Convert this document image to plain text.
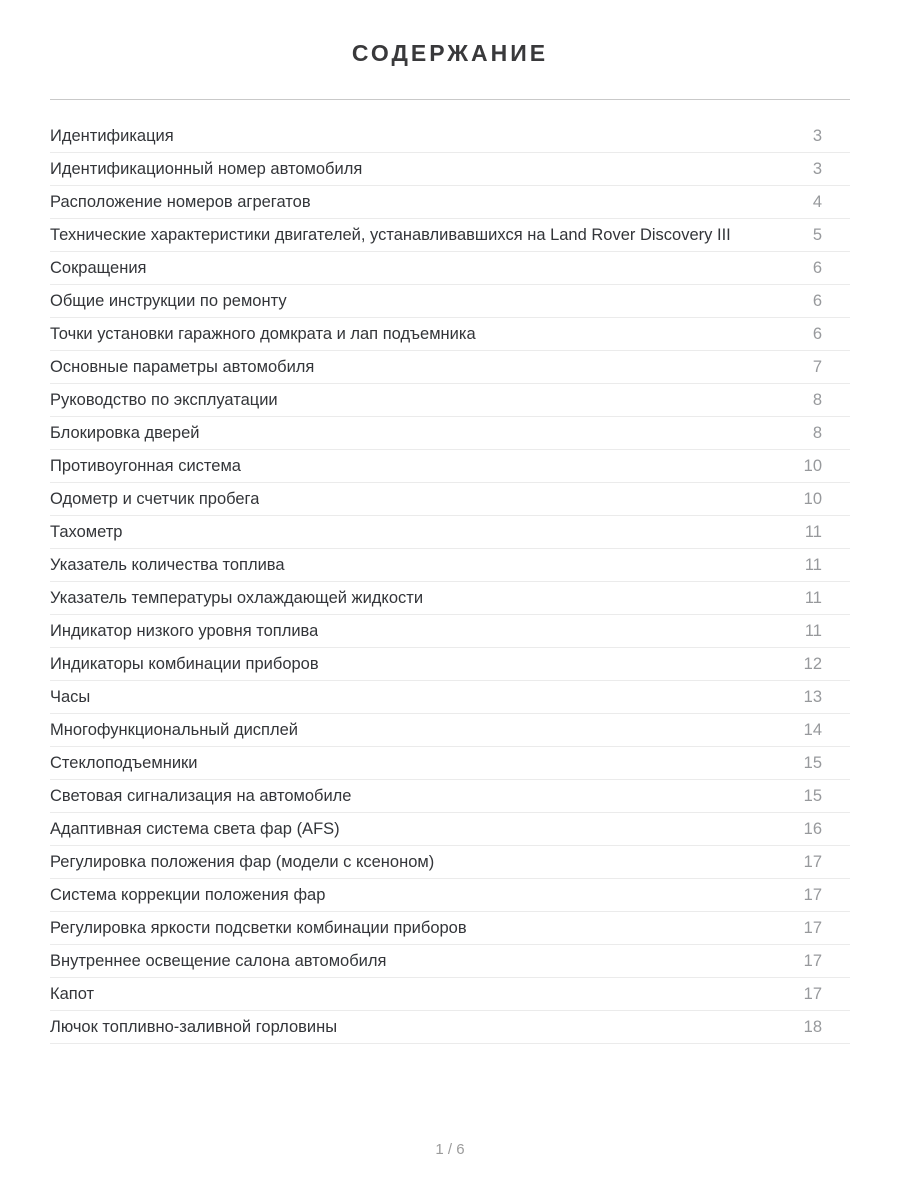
СОДЕРЖАНИЕ
Идентификация	3
Идентификационный номер автомобиля	3
Расположение номеров агрегатов	4
Технические характеристики двигателей, устанавливавшихся на Land Rover Discovery III	5
Сокращения	6
Общие инструкции по ремонту	6
Точки установки гаражного домкрата и лап подъемника	6
Основные параметры автомобиля	7
Руководство по эксплуатации	8
Блокировка дверей	8
Противоугонная система	10
Одометр и счетчик пробега	10
Тахометр	11
Указатель количества топлива	11
Указатель температуры охлаждающей жидкости	11
Индикатор низкого уровня топлива	11
Индикаторы комбинации приборов	12
Часы	13
Многофункциональный дисплей	14
Стеклоподъемники	15
Световая сигнализация на автомобиле	15
Адаптивная система света фар (AFS)	16
Регулировка положения фар (модели с ксеноном)	17
Система коррекции положения фар	17
Регулировка яркости подсветки комбинации приборов	17
Внутреннее освещение салона автомобиля	17
Капот	17
Лючок топливно-заливной горловины	18
1 / 6
